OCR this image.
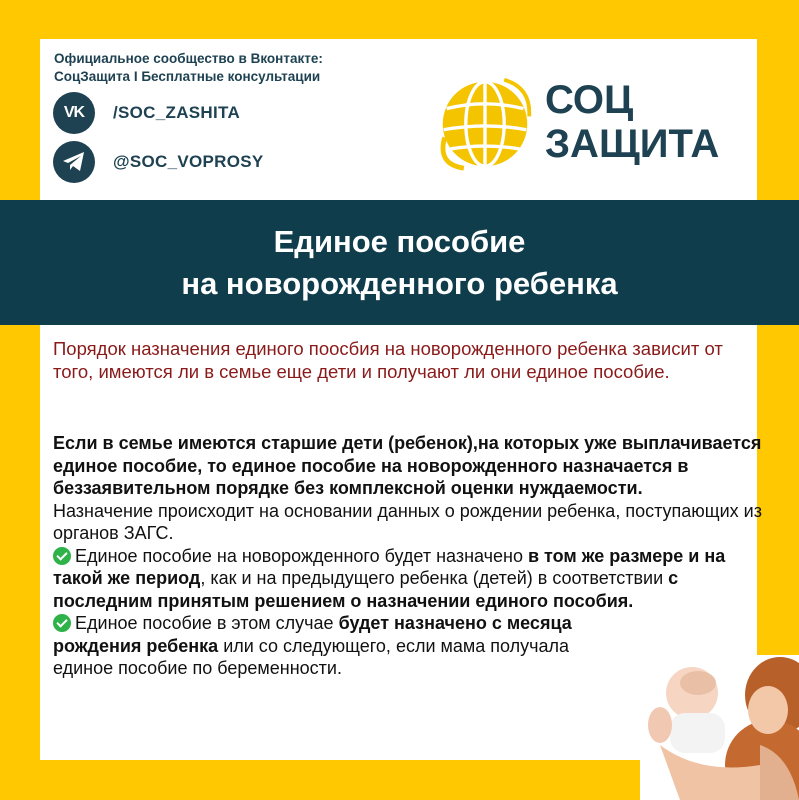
Официальное сообщество в Вконтакте:
СоцЗащита I Бесплатные консультации
VK /SOC_ZASHITA
@SOC_VOPROSY
СОЦ
ЗАЩИТА
Единое пособие
на новорожденного ребенка
Порядок назначения единого поосбия на новорожденного ребенка зависит от того, имеются ли в семье еще дети и получают ли они единое пособие.

Если в семье имеются старшие дети (ребенок),на которых уже выплачивается единое пособие, то единое пособие на новорожденного назначается в беззаявительном порядке без комплексной оценки нуждаемости.

Назначение происходит на основании данных о рождении ребенка, поступающих из органов ЗАГС.

Единое пособие на новорожденного будет назначено в том же размере и на такой же период, как и на предыдущего ребенка (детей) в соответствии с последним принятым решением о назначении единого пособия.

Единое пособие в этом случае будет назначено с месяца рождения ребенка или со следующего, если мама получала единое пособие по беременности.
